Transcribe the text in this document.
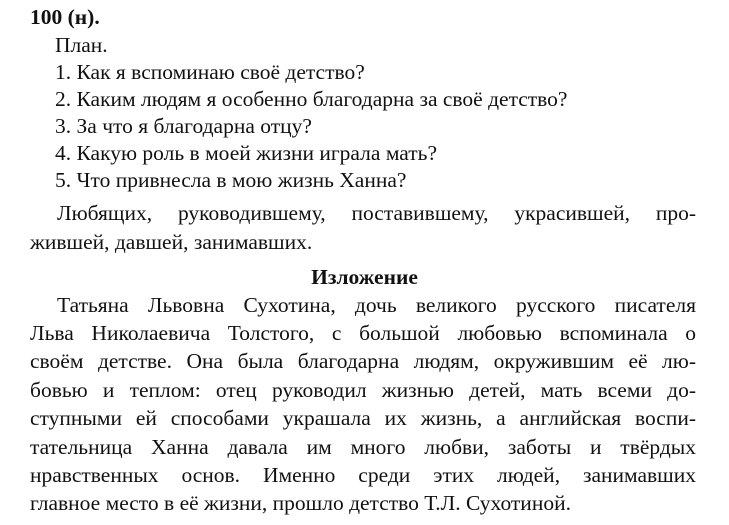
100 (н).
План.
1. Как я вспоминаю своё детство?
2. Каким людям я особенно благодарна за своё детство?
3. За что я благодарна отцу?
4. Какую роль в моей жизни играла мать?
5. Что привнесла в мою жизнь Ханна?
Любящих, руководившему, поставившему, украсившей, про-
жившей, давшей, занимавших.
Изложение
Татьяна Львовна Сухотина, дочь великого русского писателя
Льва Николаевича Толстого, с большой любовью вспоминала о
своём детстве. Она была благодарна людям, окружившим её лю-
бовью и теплом: отец руководил жизнью детей, мать всеми до-
ступными ей способами украшала их жизнь, а английская воспи-
тательница Ханна давала им много любви, заботы и твёрдых
нравственных основ. Именно среди этих людей, занимавших
главное место в её жизни, прошло детство Т.Л. Сухотиной.
